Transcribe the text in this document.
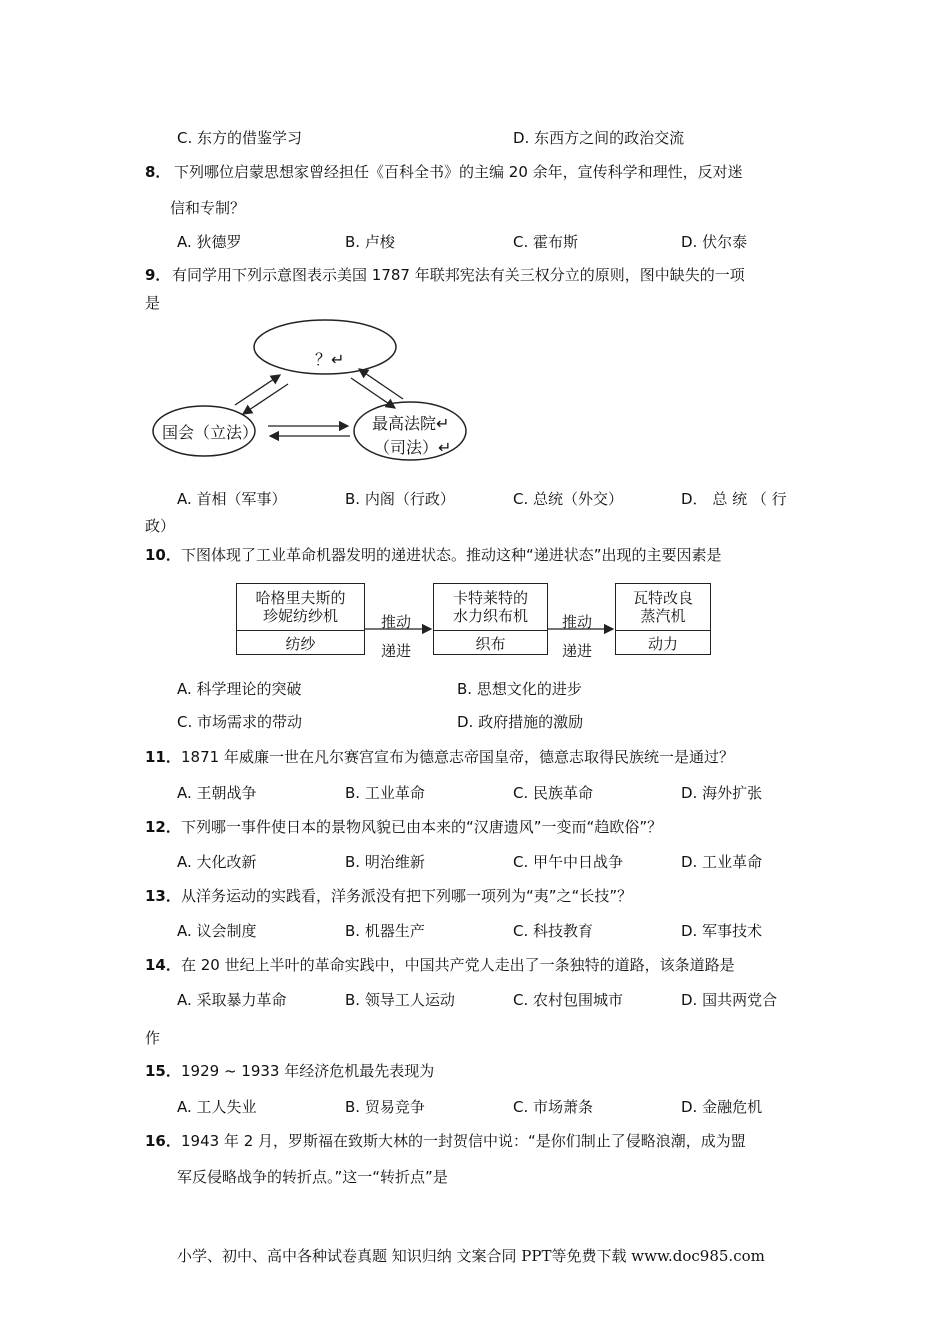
C. 东方的借鉴学习	D. 东西方之间的政治交流
8． 下列哪位启蒙思想家曾经担任《百科全书》的主编 20 余年，宣传科学和理性，反对迷
信和专制？
A. 狄德罗	B. 卢梭	C. 霍布斯	D. 伏尔泰
9． 有同学用下列示意图表示美国 1787 年联邦宪法有关三权分立的原则，图中缺失的一项
是
？↵
国会（立法）	最高法院↵
（司法）↵
A. 首相（军事）	B. 内阁（行政）	C. 总统（外交）	D． 总 统 （ 行
政）
10． 下图体现了工业革命机器发明的递进状态。推动这种“递进状态”出现的主要因素是
哈格里夫斯的
珍妮纺纱机
纺纱
卡特莱特的
水力织布机
织布
瓦特改良
蒸汽机
动力
推动
递进
推动
递进
A. 科学理论的突破	B. 思想文化的进步
C. 市场需求的带动	D. 政府措施的激励
11． 1871 年威廉一世在凡尔赛宫宣布为德意志帝国皇帝，德意志取得民族统一是通过？
A. 王朝战争	B. 工业革命	C. 民族革命	D. 海外扩张
12． 下列哪一事件使日本的景物风貌已由本来的“汉唐遗风”一变而“趋欧俗”？
A. 大化改新	B. 明治维新	C. 甲午中日战争	D. 工业革命
13． 从洋务运动的实践看，洋务派没有把下列哪一项列为“夷”之“长技”？
A. 议会制度	B. 机器生产	C. 科技教育	D. 军事技术
14． 在 20 世纪上半叶的革命实践中，中国共产党人走出了一条独特的道路，该条道路是
A. 采取暴力革命	B. 领导工人运动	C. 农村包围城市	D. 国共两党合
作
15． 1929 ~ 1933 年经济危机最先表现为
A. 工人失业	B. 贸易竞争	C. 市场萧条	D. 金融危机
16． 1943 年 2 月，罗斯福在致斯大林的一封贺信中说：“是你们制止了侵略浪潮，成为盟
军反侵略战争的转折点。”这一“转折点”是
小学、初中、高中各种试卷真题 知识归纳 文案合同 PPT等免费下载 www.doc985.com
